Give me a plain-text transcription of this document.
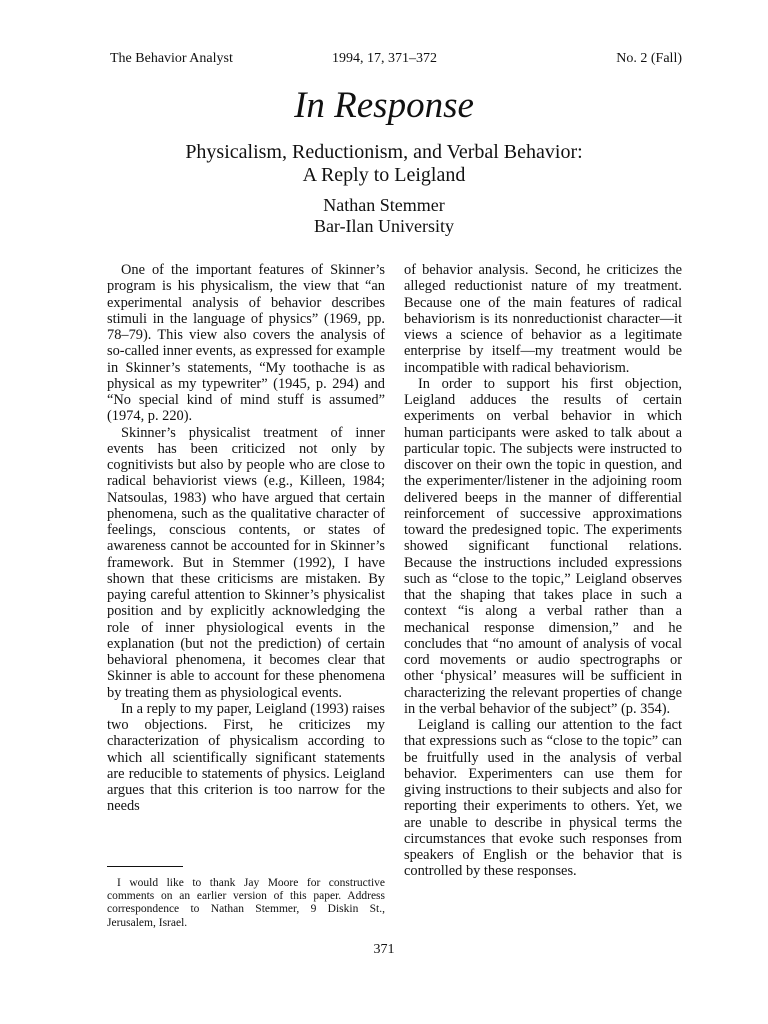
The Behavior Analyst	1994, 17, 371–372	No. 2 (Fall)
In Response
Physicalism, Reductionism, and Verbal Behavior:
A Reply to Leigland
Nathan Stemmer
Bar-Ilan University

One of the important features of Skinner’s program is his physicalism, the view that “an experimental analysis of behavior describes stimuli in the language of physics” (1969, pp. 78–79). This view also covers the analysis of so-called inner events, as expressed for example in Skinner’s statements, “My toothache is as physical as my typewriter” (1945, p. 294) and “No special kind of mind stuff is assumed” (1974, p. 220).

Skinner’s physicalist treatment of inner events has been criticized not only by cognitivists but also by people who are close to radical behaviorist views (e.g., Killeen, 1984; Natsoulas, 1983) who have argued that certain phenomena, such as the qualitative character of feelings, conscious contents, or states of awareness cannot be accounted for in Skinner’s framework. But in Stemmer (1992), I have shown that these criticisms are mistaken. By paying careful attention to Skinner’s physicalist position and by explicitly acknowledging the role of inner physiological events in the explanation (but not the prediction) of certain behavioral phenomena, it becomes clear that Skinner is able to account for these phenomena by treating them as physiological events.

In a reply to my paper, Leigland (1993) raises two objections. First, he criticizes my characterization of physicalism according to which all scientifically significant statements are reducible to statements of physics. Leigland argues that this criterion is too narrow for the needs

of behavior analysis. Second, he criticizes the alleged reductionist nature of my treatment. Because one of the main features of radical behaviorism is its nonreductionist character—it views a science of behavior as a legitimate enterprise by itself—my treatment would be incompatible with radical behaviorism.

In order to support his first objection, Leigland adduces the results of certain experiments on verbal behavior in which human participants were asked to talk about a particular topic. The subjects were instructed to discover on their own the topic in question, and the experimenter/listener in the adjoining room delivered beeps in the manner of differential reinforcement of successive approximations toward the predesigned topic. The experiments showed significant functional relations. Because the instructions included expressions such as “close to the topic,” Leigland observes that the shaping that takes place in such a context “is along a verbal rather than a mechanical response dimension,” and he concludes that “no amount of analysis of vocal cord movements or audio spectrographs or other ‘physical’ measures will be sufficient in characterizing the relevant properties of change in the verbal behavior of the subject” (p. 354).

Leigland is calling our attention to the fact that expressions such as “close to the topic” can be fruitfully used in the analysis of verbal behavior. Experimenters can use them for giving instructions to their subjects and also for reporting their experiments to others. Yet, we are unable to describe in physical terms the circumstances that evoke such responses from speakers of English or the behavior that is controlled by these responses.

I would like to thank Jay Moore for constructive comments on an earlier version of this paper. Address correspondence to Nathan Stemmer, 9 Diskin St., Jerusalem, Israel.

371
